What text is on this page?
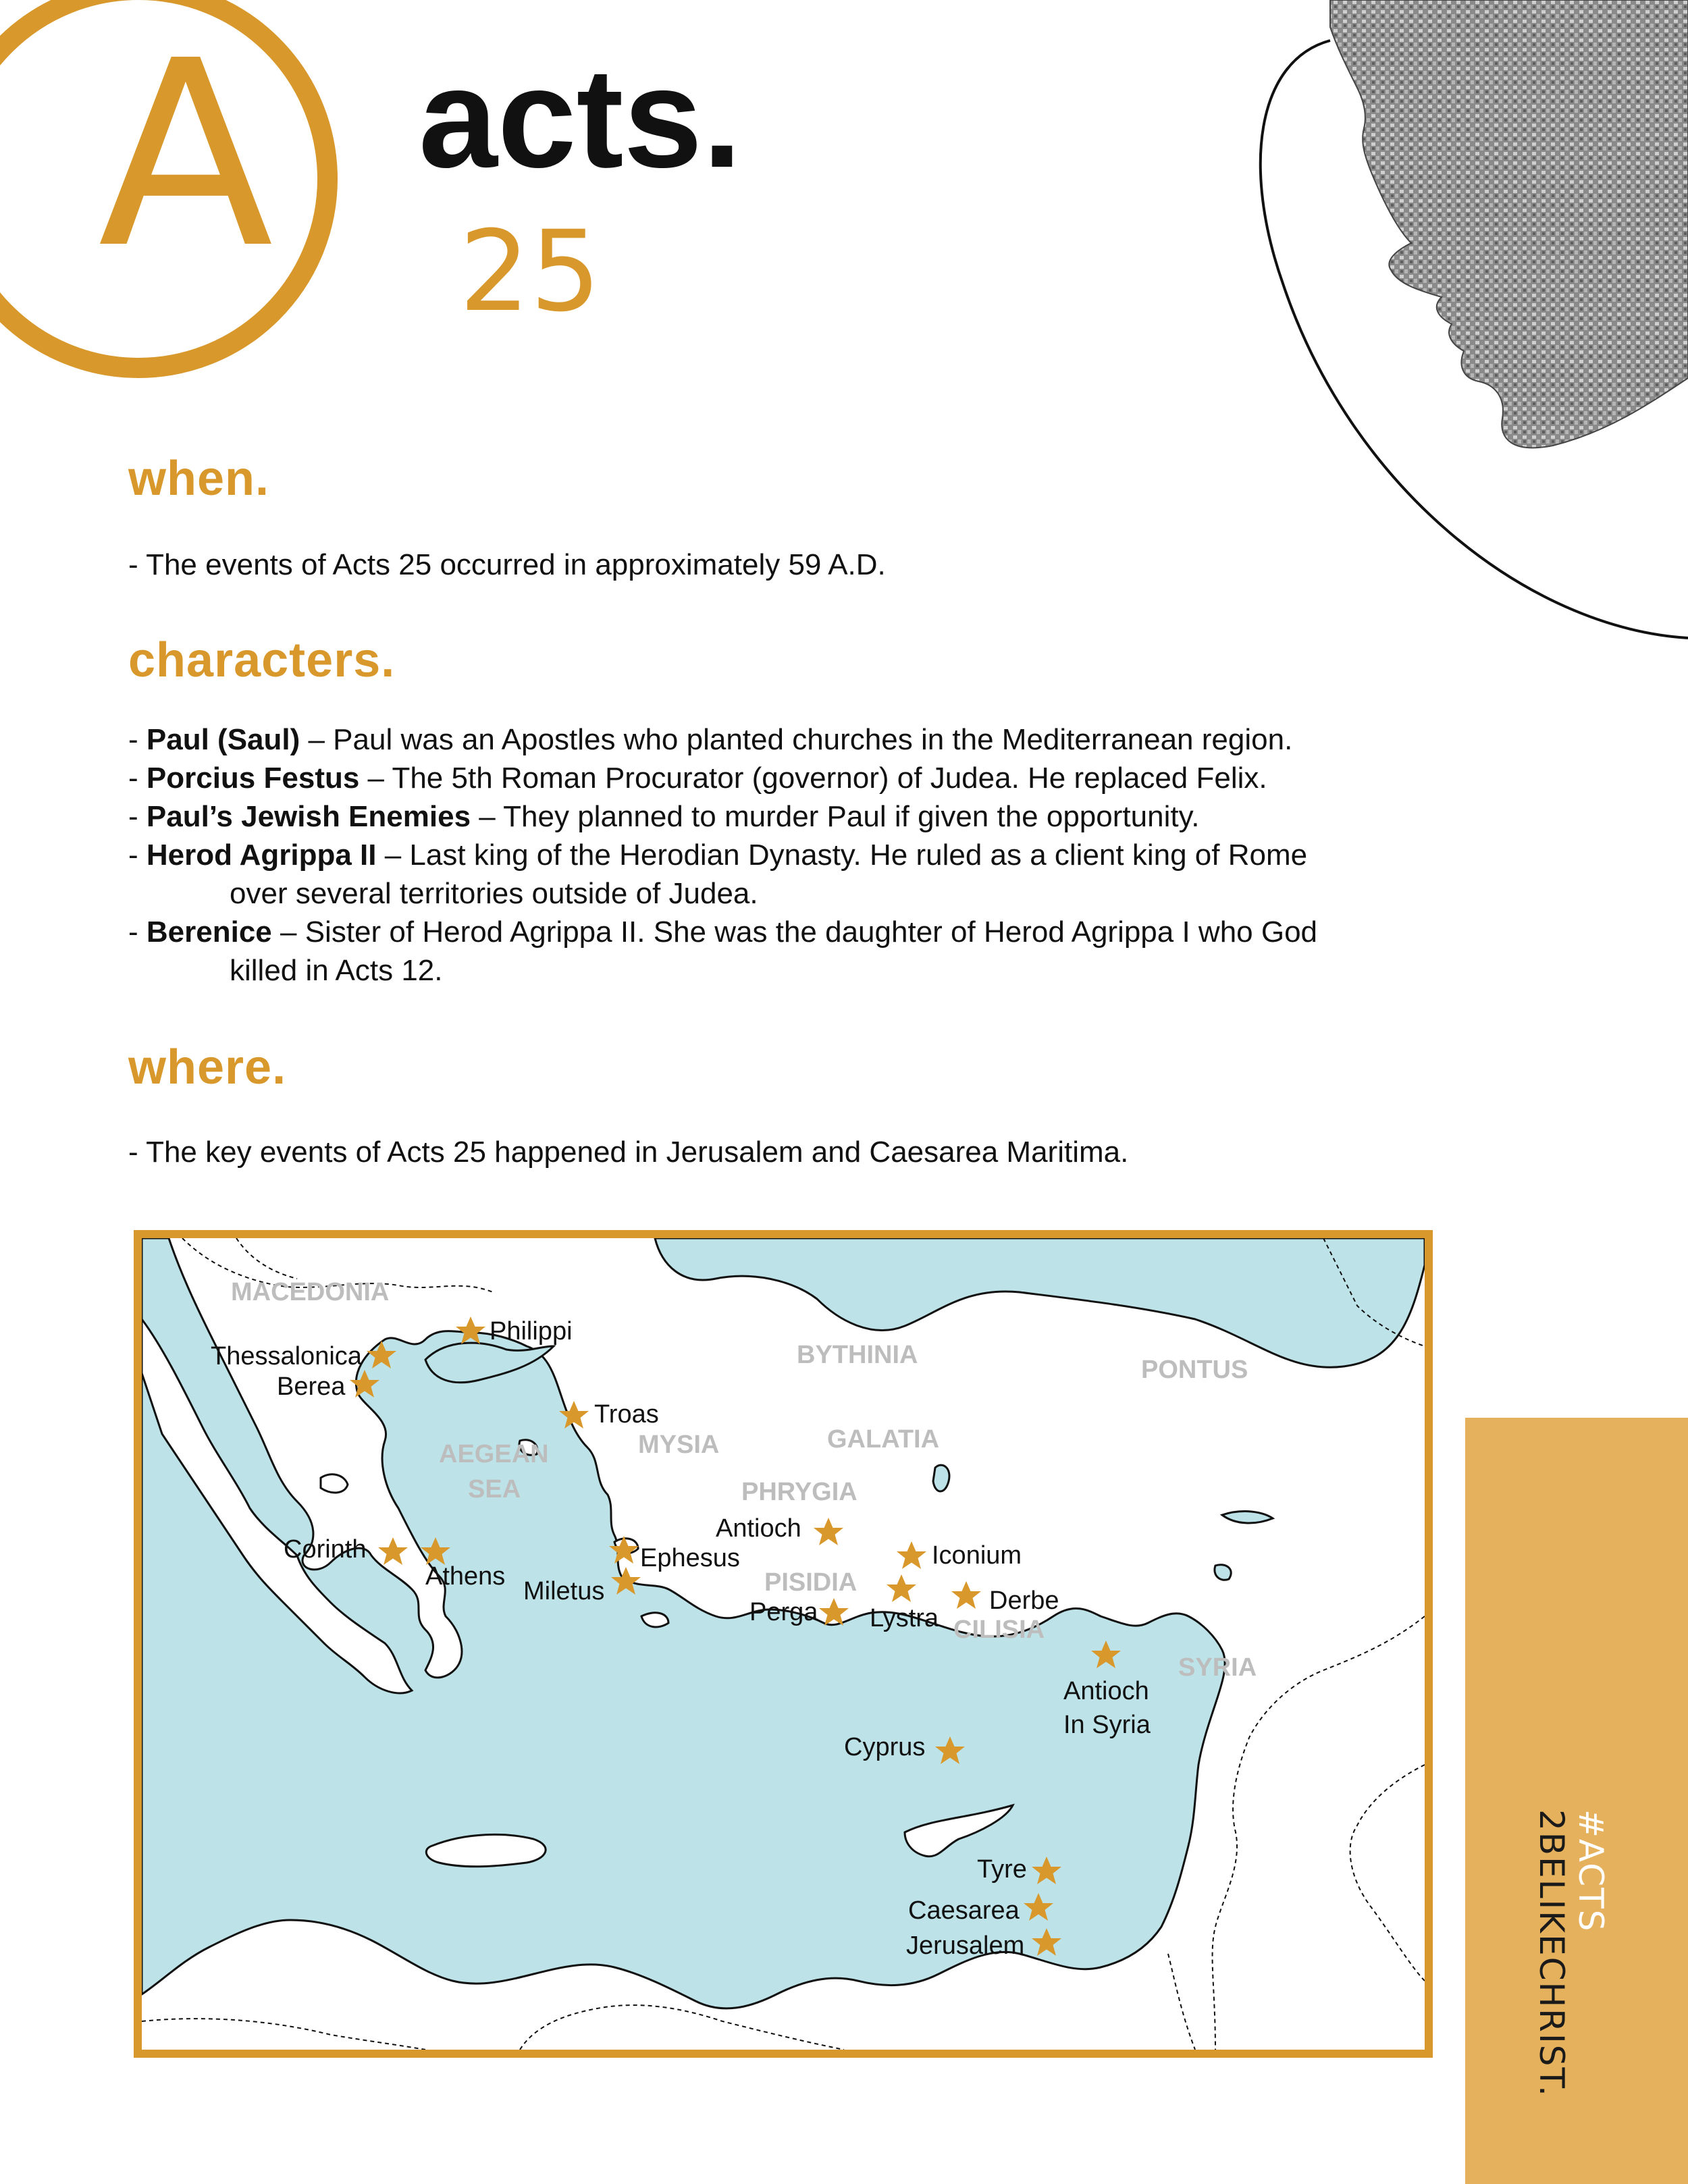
A acts.
25
when.
- The events of Acts 25 occurred in approximately 59 A.D.
characters.

- Paul (Saul) – Paul was an Apostles who planted churches in the Mediterranean region.

- Porcius Festus – The 5th Roman Procurator (governor) of Judea. He replaced Felix.

- Paul’s Jewish Enemies – They planned to murder Paul if given the opportunity.

- Herod Agrippa II – Last king of the Herodian Dynasty. He ruled as a client king of Rome
over several territories outside of Judea.

- Berenice – Sister of Herod Agrippa II. She was the daughter of Herod Agrippa I who God
killed in Acts 12.

where.
- The key events of Acts 25 happened in Jerusalem and Caesarea Maritima.
MACEDONIA
BYTHINIA
PONTUS
MYSIA	GALATIA
AEGEAN
SEA	PHRYGIA
PISIDIA
CILISIA
SYRIA
Philippi
Thessalonica
Berea
Troas
Corinth
Athens
Ephesus
Miletus
Antioch
Iconium
Derbe
Lystra
Perga
Antioch
In Syria
Cyprus
Tyre
Caesarea
Jerusalem
#ACTS
2BELIKECHRIST.
